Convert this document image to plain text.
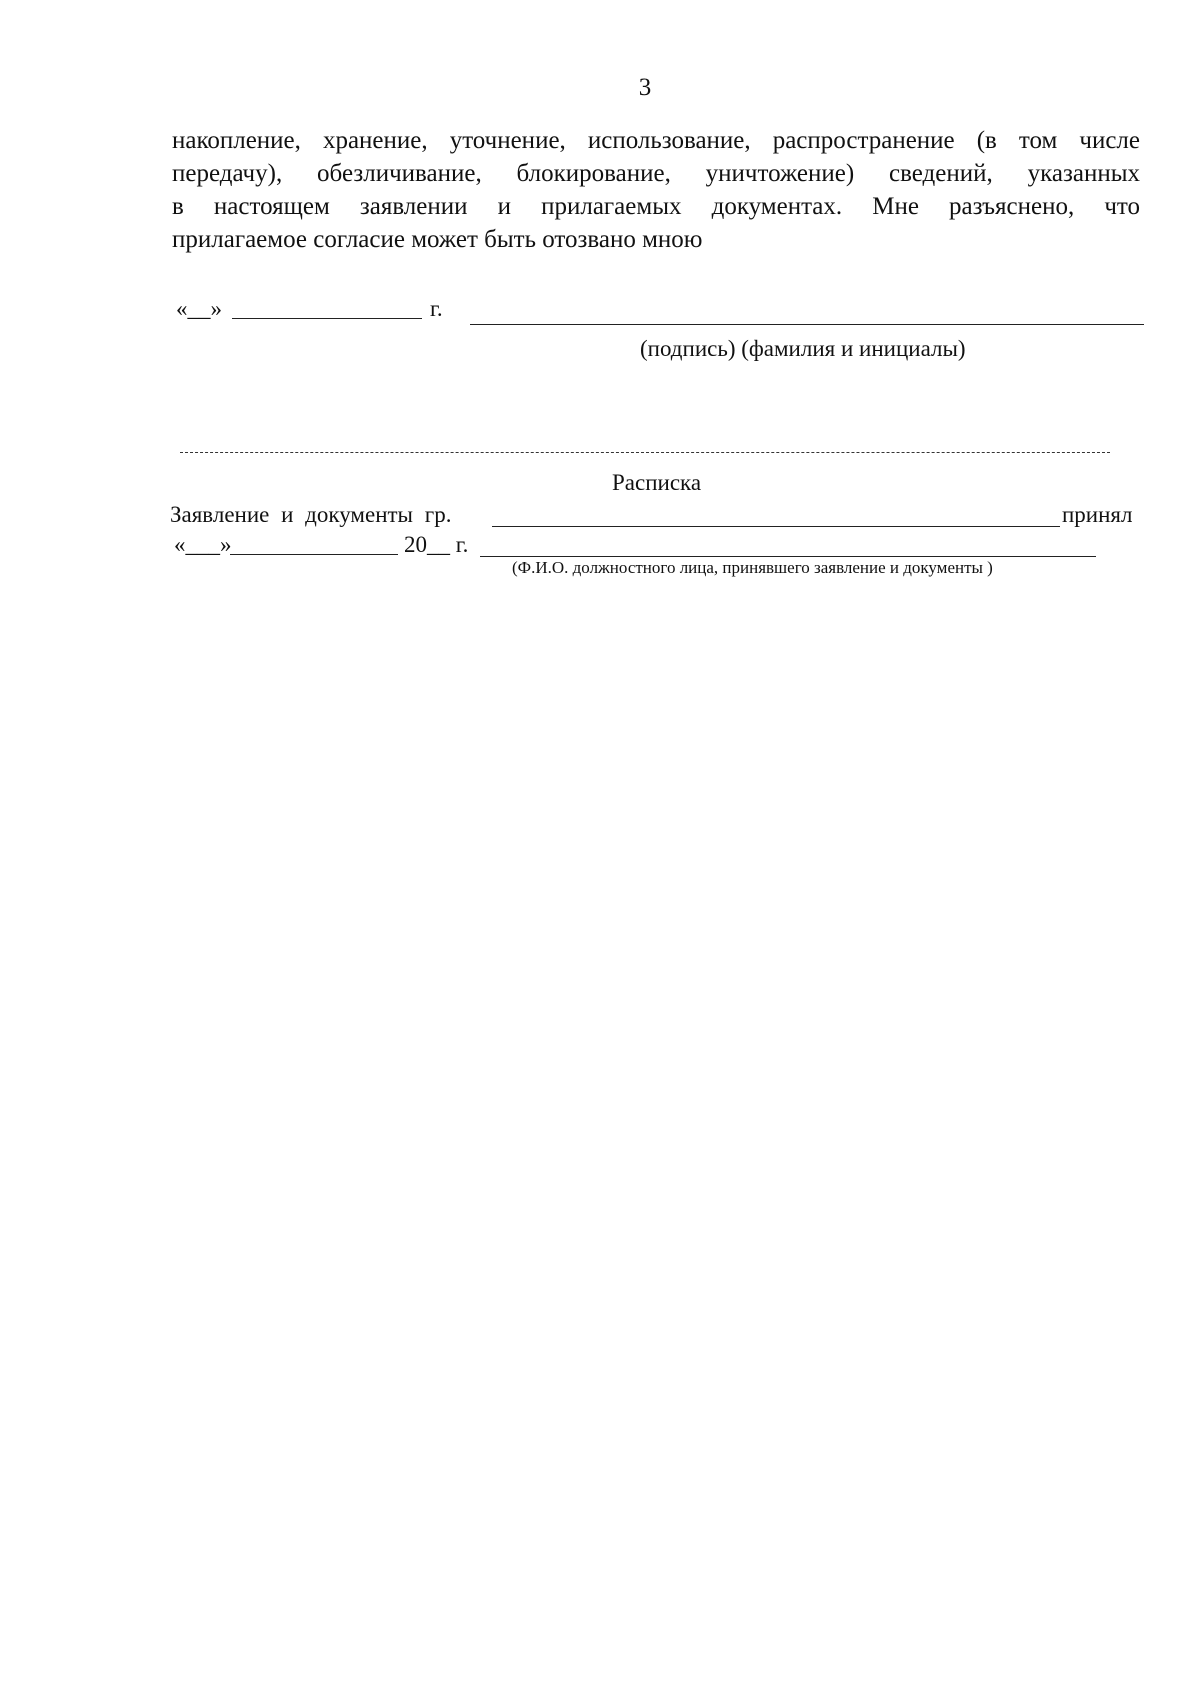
3
накопление, хранение, уточнение, использование, распространение (в том числе
передачу), обезличивание, блокирование, уничтожение) сведений, указанных
в настоящем заявлении и прилагаемых документах. Мне разъяснено, что
прилагаемое согласие может быть отозвано мною
«__»	г.
(подпись) (фамилия и инициалы)
Расписка
Заявление и документы гр.	принял
«___»	20__ г.
(Ф.И.О. должностного лица, принявшего заявление и документы )
